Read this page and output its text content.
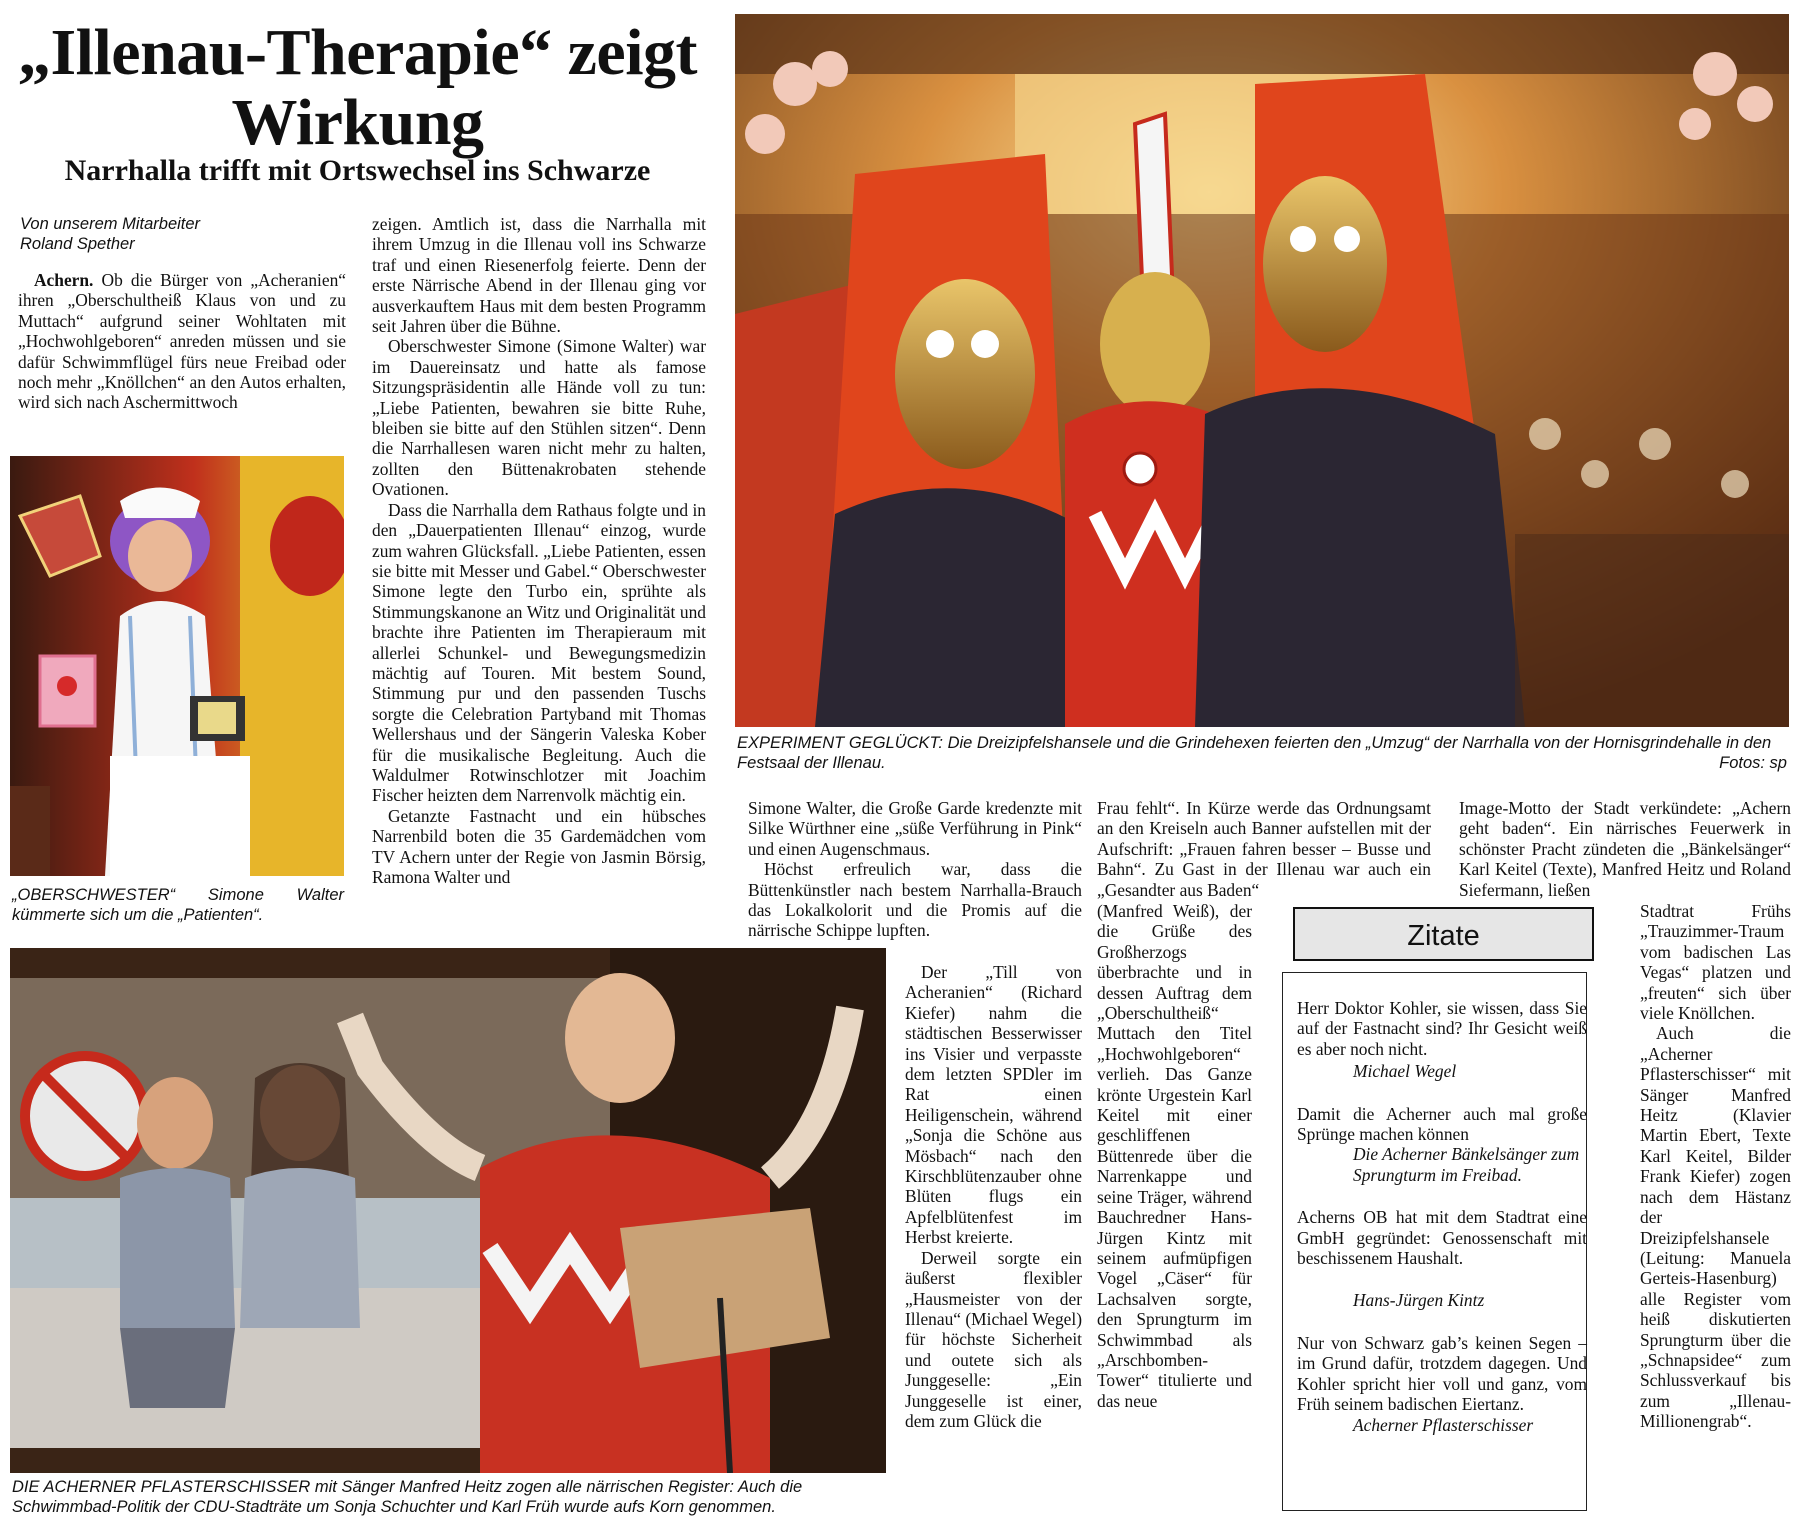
„Illenau-Therapie“ zeigt Wirkung
Narrhalla trifft mit Ortswechsel ins Schwarze
Von unserem Mitarbeiter
Roland Spether

Achern. Ob die Bürger von „Acheranien“ ihren „Oberschultheiß Klaus von und zu Muttach“ aufgrund seiner Wohltaten mit „Hochwohlgeboren“ anreden müssen und sie dafür Schwimmflügel fürs neue Freibad oder noch mehr „Knöllchen“ an den Autos erhalten, wird sich nach Aschermittwoch

„OBERSCHWESTER“ Simone Walter kümmerte sich um die „Patienten“.

zeigen. Amtlich ist, dass die Narrhalla mit ihrem Umzug in die Illenau voll ins Schwarze traf und einen Riesenerfolg feierte. Denn der erste Närrische Abend in der Illenau ging vor ausverkauftem Haus mit dem besten Programm seit Jahren über die Bühne.

Oberschwester Simone (Simone Walter) war im Dauereinsatz und hatte als famose Sitzungspräsidentin alle Hände voll zu tun: „Liebe Patienten, bewahren sie bitte Ruhe, bleiben sie bitte auf den Stühlen sitzen“. Denn die Narrhallesen waren nicht mehr zu halten, zollten den Büttenakrobaten stehende Ovationen.

Dass die Narrhalla dem Rathaus folgte und in den „Dauerpatienten Illenau“ einzog, wurde zum wahren Glücksfall. „Liebe Patienten, essen sie bitte mit Messer und Gabel.“ Oberschwester Simone legte den Turbo ein, sprühte als Stimmungskanone an Witz und Originalität und brachte ihre Patienten im Therapieraum mit allerlei Schunkel- und Bewegungsmedizin mächtig auf Touren. Mit bestem Sound, Stimmung pur und den passenden Tuschs sorgte die Celebration Partyband mit Thomas Wellershaus und der Sängerin Valeska Kober für die musikalische Begleitung. Auch die Waldulmer Rotwinschlotzer mit Joachim Fischer heizten dem Narrenvolk mächtig ein.

Getanzte Fastnacht und ein hübsches Narrenbild boten die 35 Gardemädchen vom TV Achern unter der Regie von Jasmin Börsig, Ramona Walter und

EXPERIMENT GEGLÜCKT: Die Dreizipfelshansele und die Grindehexen feierten den „Umzug“ der Narrhalla von der Hornisgrindehalle in den Festsaal der Illenau.	Fotos: sp

Simone Walter, die Große Garde kredenzte mit Silke Würthner eine „süße Verführung in Pink“ und einen Augenschmaus.

Höchst erfreulich war, dass die Büttenkünstler nach bestem Narrhalla-Brauch das Lokalkolorit und die Promis auf die närrische Schippe lupften.

Der „Till von Acheranien“ (Richard Kiefer) nahm die städtischen Besserwisser ins Visier und verpasste dem letzten SPDler im Rat einen Heiligenschein, während „Sonja die Schöne aus Mösbach“ nach den Kirschblütenzauber ohne Blüten flugs ein Apfelblütenfest im Herbst kreierte.

Derweil sorgte ein äußerst flexibler „Hausmeister von der Illenau“ (Michael Wegel) für höchste Sicherheit und outete sich als Junggeselle: „Ein Junggeselle ist einer, dem zum Glück die

DIE ACHERNER PFLASTERSCHISSER mit Sänger Manfred Heitz zogen alle närrischen Register: Auch die Schwimmbad-Politik der CDU-Stadträte um Sonja Schuchter und Karl Früh wurde aufs Korn genommen.

Frau fehlt“. In Kürze werde das Ordnungsamt an den Kreiseln auch Banner aufstellen mit der Aufschrift: „Frauen fahren besser – Busse und Bahn“. Zu Gast in der Illenau war auch ein „Gesandter aus Baden“

(Manfred Weiß), der die Grüße des Großherzogs überbrachte und in dessen Auftrag dem „Oberschultheiß“ Muttach den Titel „Hochwohlgeboren“ verlieh. Das Ganze krönte Urgestein Karl Keitel mit einer geschliffenen Büttenrede über die Narrenkappe und seine Träger, während Bauchredner Hans-Jürgen Kintz mit seinem aufmüpfigen Vogel „Cäser“ für Lachsalven sorgte, den Sprungturm im Schwimmbad als „Arschbomben-Tower“ titulierte und das neue

Image-Motto der Stadt verkündete: „Achern geht baden“. Ein närrisches Feuerwerk in schönster Pracht zündeten die „Bänkelsänger“ Karl Keitel (Texte), Manfred Heitz und Roland Siefermann, ließen

Stadtrat Frühs „Trauzimmer-Traum vom badischen Las Vegas“ platzen und „freuten“ sich über viele Knöllchen.

Auch die „Acherner Pflasterschisser“ mit Sänger Manfred Heitz (Klavier Martin Ebert, Texte Karl Keitel, Bilder Frank Kiefer) zogen nach dem Hästanz der Dreizipfelshansele (Leitung: Manuela Gerteis-Hasenburg) alle Register vom heiß diskutierten Sprungturm über die „Schnapsidee“ zum Schlussverkauf bis zum „Illenau-Millionengrab“.

Zitate
Herr Doktor Kohler, sie wissen, dass Sie auf der Fastnacht sind? Ihr Gesicht weiß es aber noch nicht.
Michael Wegel
Damit die Acherner auch mal große Sprünge machen können
Die Acherner Bänkelsänger zum Sprungturm im Freibad.
Acherns OB hat mit dem Stadtrat eine GmbH gegründet: Genossenschaft mit beschissenem Haushalt.
Hans-Jürgen Kintz
Nur von Schwarz gab’s keinen Segen – im Grund dafür, trotzdem dagegen. Und Kohler spricht hier voll und ganz, vom Früh seinem badischen Eiertanz.
Acherner Pflasterschisser
